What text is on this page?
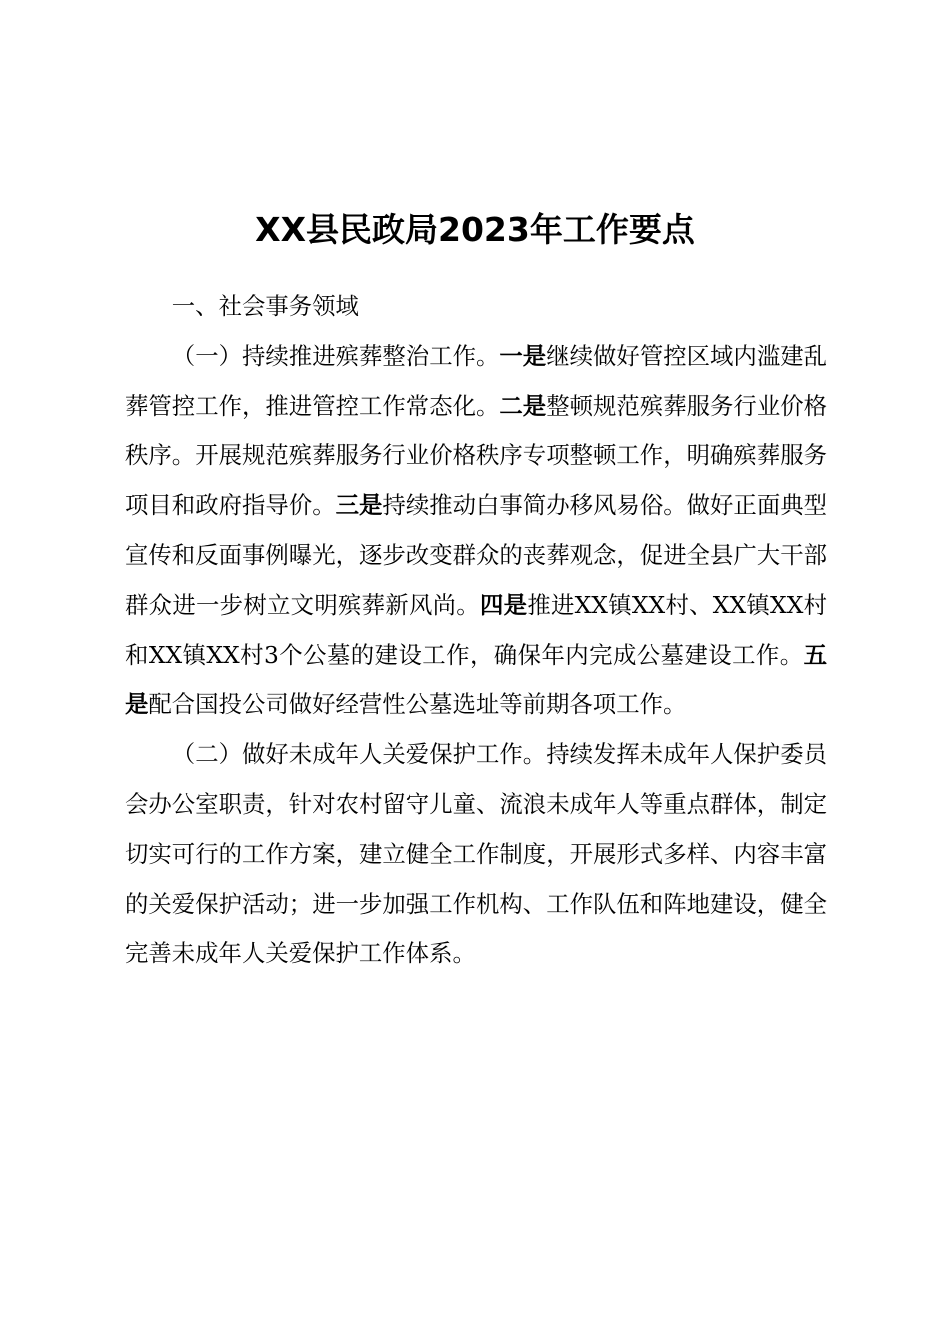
XX县民政局2023年工作要点

一、社会事务领域

（一）持续推进殡葬整治工作。一是继续做好管控区域内滥建乱葬管控工作，推进管控工作常态化。二是整顿规范殡葬服务行业价格秩序。开展规范殡葬服务行业价格秩序专项整顿工作，明确殡葬服务项目和政府指导价。三是持续推动白事简办移风易俗。做好正面典型宣传和反面事例曝光，逐步改变群众的丧葬观念，促进全县广大干部群众进一步树立文明殡葬新风尚。四是推进XX镇XX村、XX镇XX村和XX镇XX村3个公墓的建设工作，确保年内完成公墓建设工作。五是配合国投公司做好经营性公墓选址等前期各项工作。

（二）做好未成年人关爱保护工作。持续发挥未成年人保护委员会办公室职责，针对农村留守儿童、流浪未成年人等重点群体，制定切实可行的工作方案，建立健全工作制度，开展形式多样、内容丰富的关爱保护活动；进一步加强工作机构、工作队伍和阵地建设，健全完善未成年人关爱保护工作体系。
